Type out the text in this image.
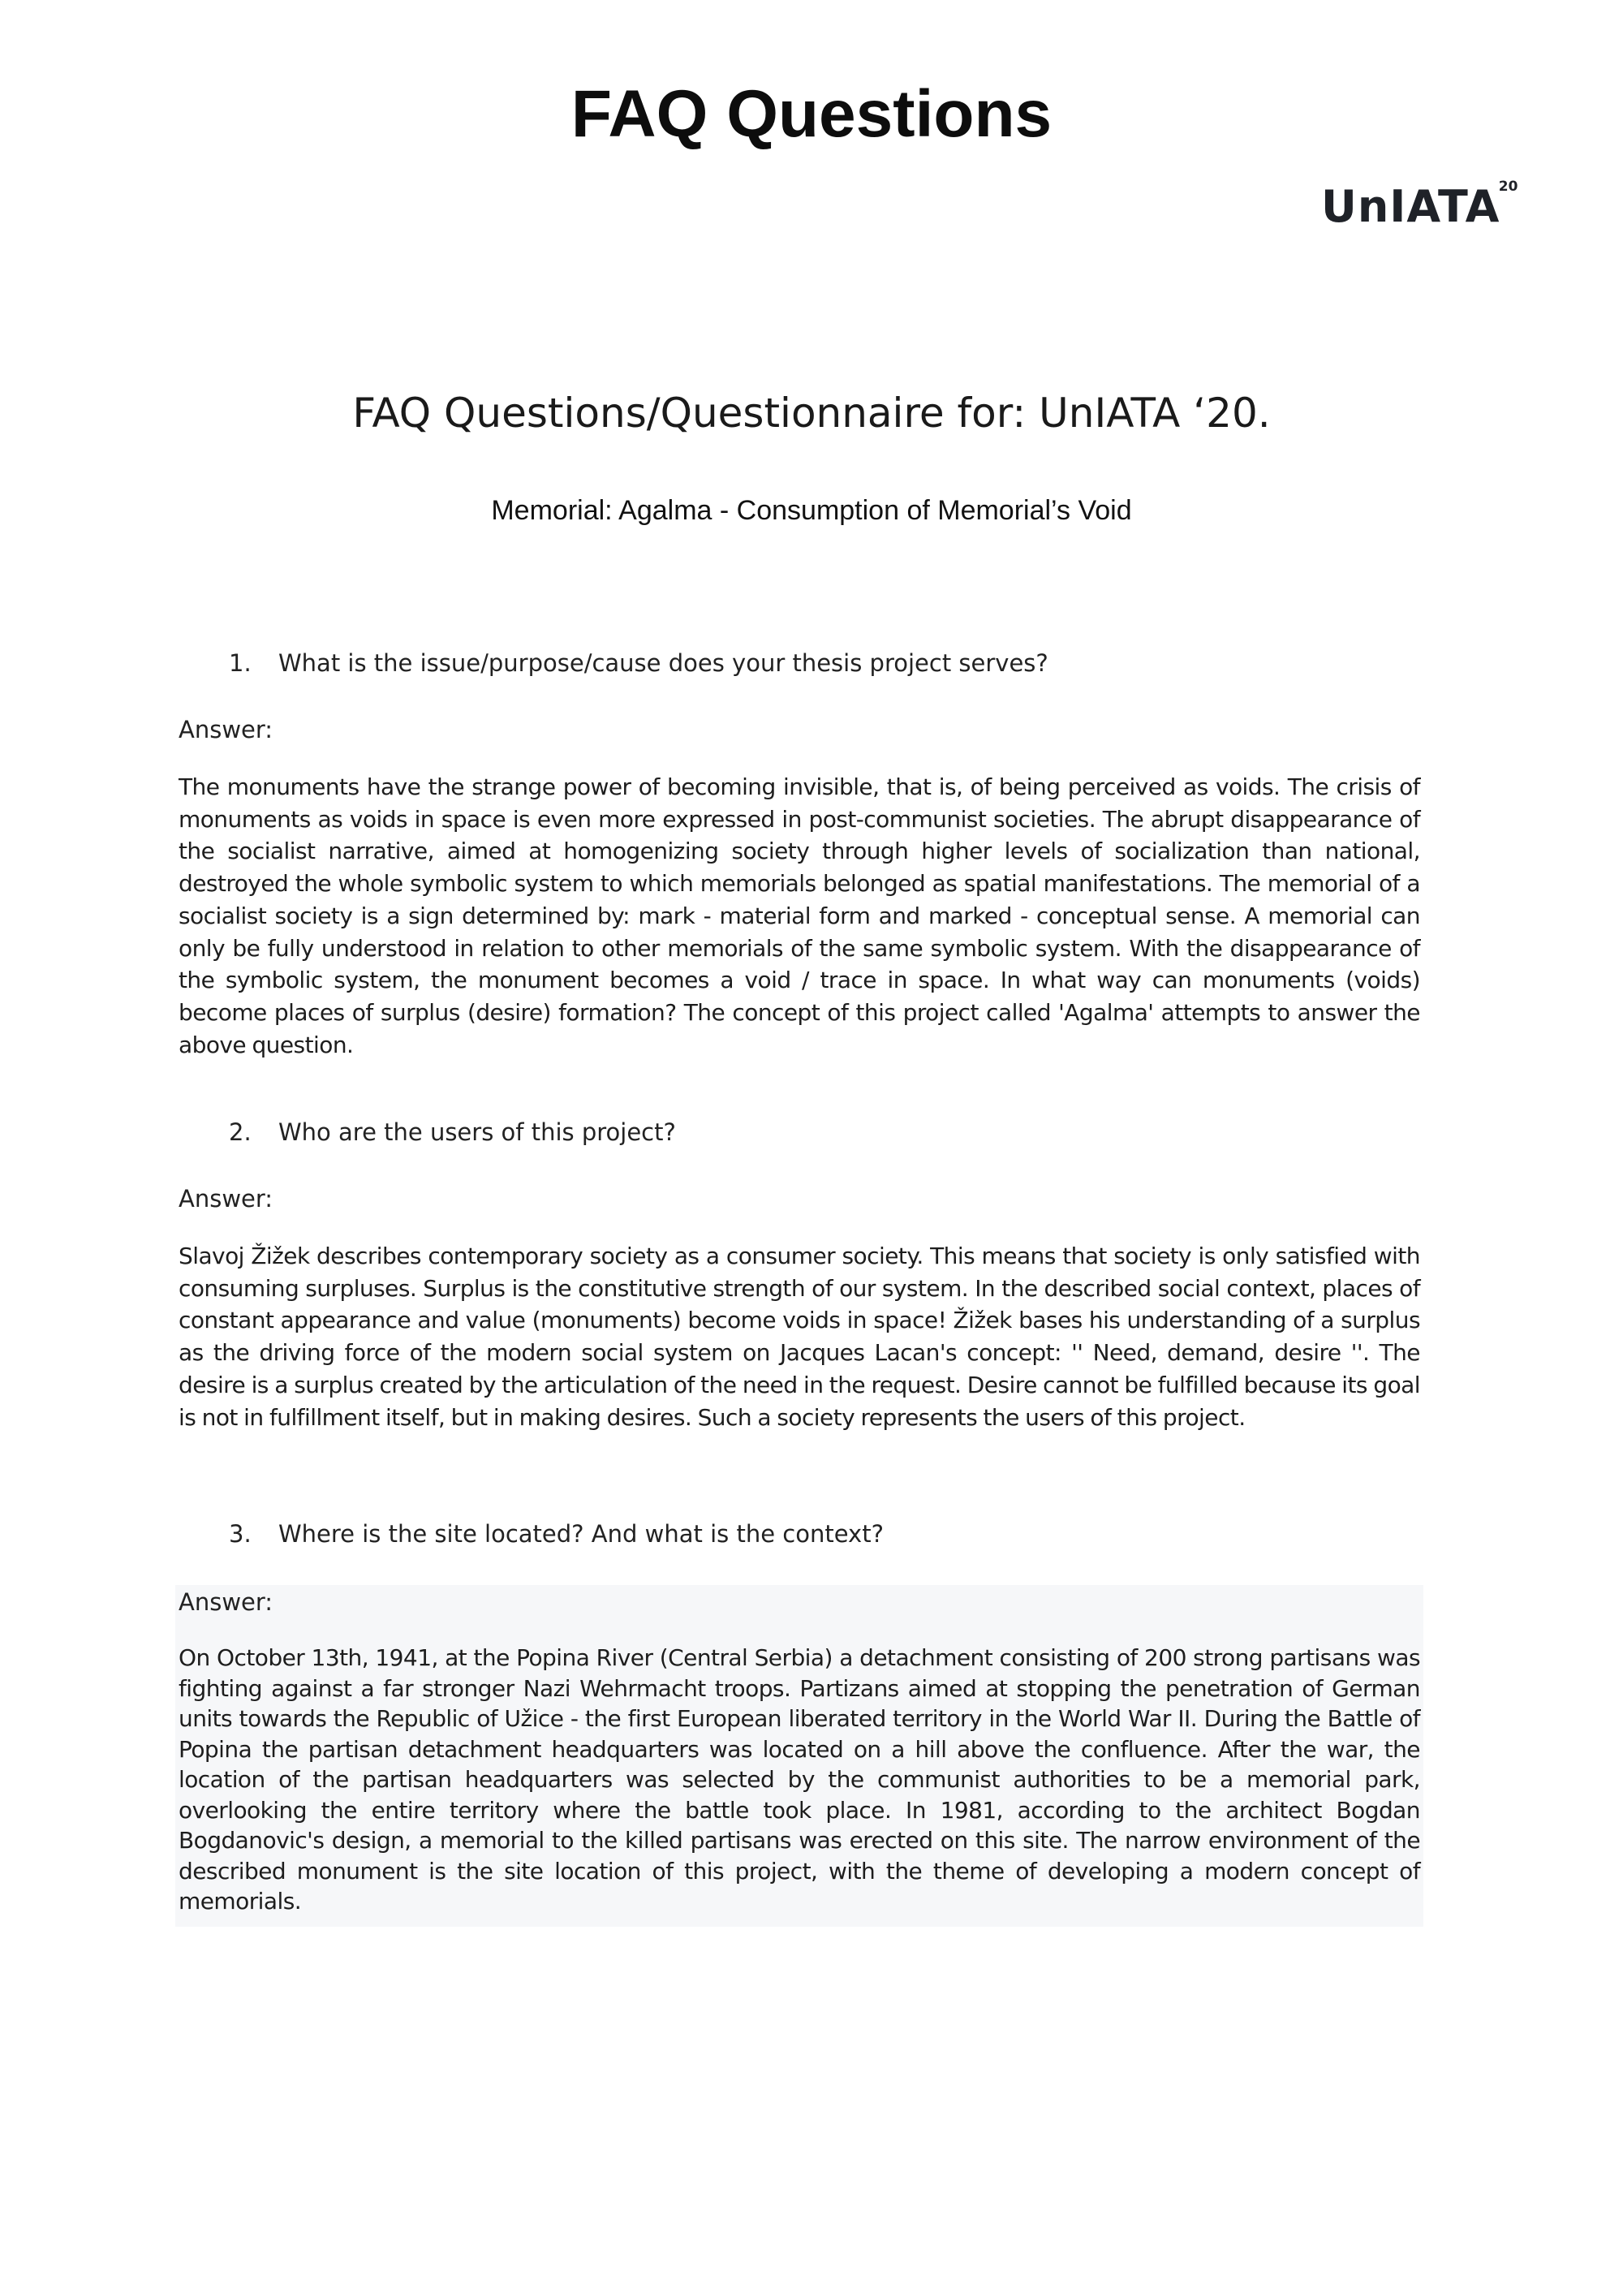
FAQ Questions
UnIATA
20
FAQ Questions/Questionnaire for: UnIATA ‘20.
Memorial: Agalma - Consumption of Memorial’s Void
1. What is the issue/purpose/cause does your thesis project serves?
Answer:
The monuments have the strange power of becoming invisible, that is, of being perceived as voids. The crisis of monuments as voids in space is even more expressed in post-communist societies. The abrupt disappearance of the socialist narrative, aimed at homogenizing society through higher levels of socialization than national, destroyed the whole symbolic system to which memorials belonged as spatial manifestations. The memorial of a socialist society is a sign determined by: mark - material form and marked - conceptual sense. A memorial can only be fully understood in relation to other memorials of the same symbolic system. With the disappearance of the symbolic system, the monument becomes a void / trace in space. In what way can monuments (voids) become places of surplus (desire) formation? The concept of this project called 'Agalma' attempts to answer the above question.
2. Who are the users of this project?
Answer:
Slavoj Žižek describes contemporary society as a consumer society. This means that society is only satisfied with consuming surpluses. Surplus is the constitutive strength of our system. In the described social context, places of constant appearance and value (monuments) become voids in space! Žižek bases his understanding of a surplus as the driving force of the modern social system on Jacques Lacan's concept: '' Need, demand, desire ''. The desire is a surplus created by the articulation of the need in the request. Desire cannot be fulfilled because its goal is not in fulfillment itself, but in making desires. Such a society represents the users of this project.
3. Where is the site located? And what is the context?
Answer:
On October 13th, 1941, at the Popina River (Central Serbia) a detachment consisting of 200 strong partisans was fighting against a far stronger Nazi Wehrmacht troops. Partizans aimed at stopping the penetration of German units towards the Republic of Užice - the first European liberated territory in the World War II. During the Battle of Popina the partisan detachment headquarters was located on a hill above the confluence. After the war, the location of the partisan headquarters was selected by the communist authorities to be a memorial park, overlooking the entire territory where the battle took place. In 1981, according to the architect Bogdan Bogdanovic's design, a memorial to the killed partisans was erected on this site. The narrow environment of the described monument is the site location of this project, with the theme of developing a modern concept of memorials.
